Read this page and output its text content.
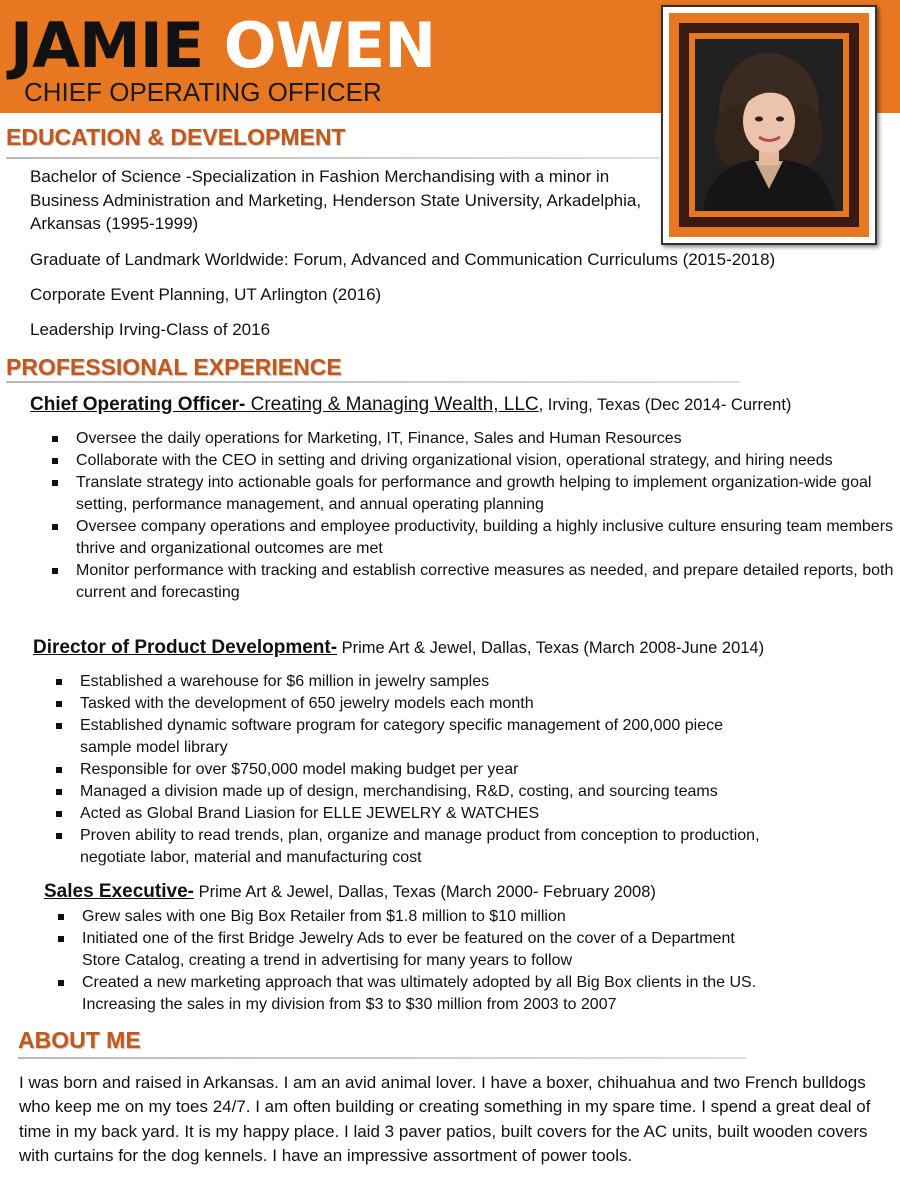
JAMIE OWEN
CHIEF OPERATING OFFICER
EDUCATION & DEVELOPMENT

Bachelor of Science -Specialization in Fashion Merchandising with a minor in Business Administration and Marketing, Henderson State University, Arkadelphia, Arkansas (1995-1999)

Graduate of Landmark Worldwide: Forum, Advanced and Communication Curriculums (2015-2018)

Corporate Event Planning, UT Arlington (2016)

Leadership Irving-Class of 2016

PROFESSIONAL EXPERIENCE
Chief Operating Officer- Creating & Managing Wealth, LLC, Irving, Texas (Dec 2014- Current)
Oversee the daily operations for Marketing, IT, Finance, Sales and Human Resources
Collaborate with the CEO in setting and driving organizational vision, operational strategy, and hiring needs
Translate strategy into actionable goals for performance and growth helping to implement organization-wide goal setting, performance management, and annual operating planning
Oversee company operations and employee productivity, building a highly inclusive culture ensuring team members thrive and organizational outcomes are met
Monitor performance with tracking and establish corrective measures as needed, and prepare detailed reports, both current and forecasting
Director of Product Development- Prime Art & Jewel, Dallas, Texas (March 2008-June 2014)
Established a warehouse for $6 million in jewelry samples
Tasked with the development of 650 jewelry models each month
Established dynamic software program for category specific management of 200,000 piece sample model library
Responsible for over $750,000 model making budget per year
Managed a division made up of design, merchandising, R&D, costing, and sourcing teams
Acted as Global Brand Liasion for ELLE JEWELRY & WATCHES
Proven ability to read trends, plan, organize and manage product from conception to production, negotiate labor, material and manufacturing cost
Sales Executive- Prime Art & Jewel, Dallas, Texas (March 2000- February 2008)
Grew sales with one Big Box Retailer from $1.8 million to $10 million
Initiated one of the first Bridge Jewelry Ads to ever be featured on the cover of a Department Store Catalog, creating a trend in advertising for many years to follow
Created a new marketing approach that was ultimately adopted by all Big Box clients in the US. Increasing the sales in my division from $3 to $30 million from 2003 to 2007
ABOUT ME

I was born and raised in Arkansas. I am an avid animal lover. I have a boxer, chihuahua and two French bulldogs who keep me on my toes 24/7. I am often building or creating something in my spare time. I spend a great deal of time in my back yard. It is my happy place. I laid 3 paver patios, built covers for the AC units, built wooden covers with curtains for the dog kennels. I have an impressive assortment of power tools.
